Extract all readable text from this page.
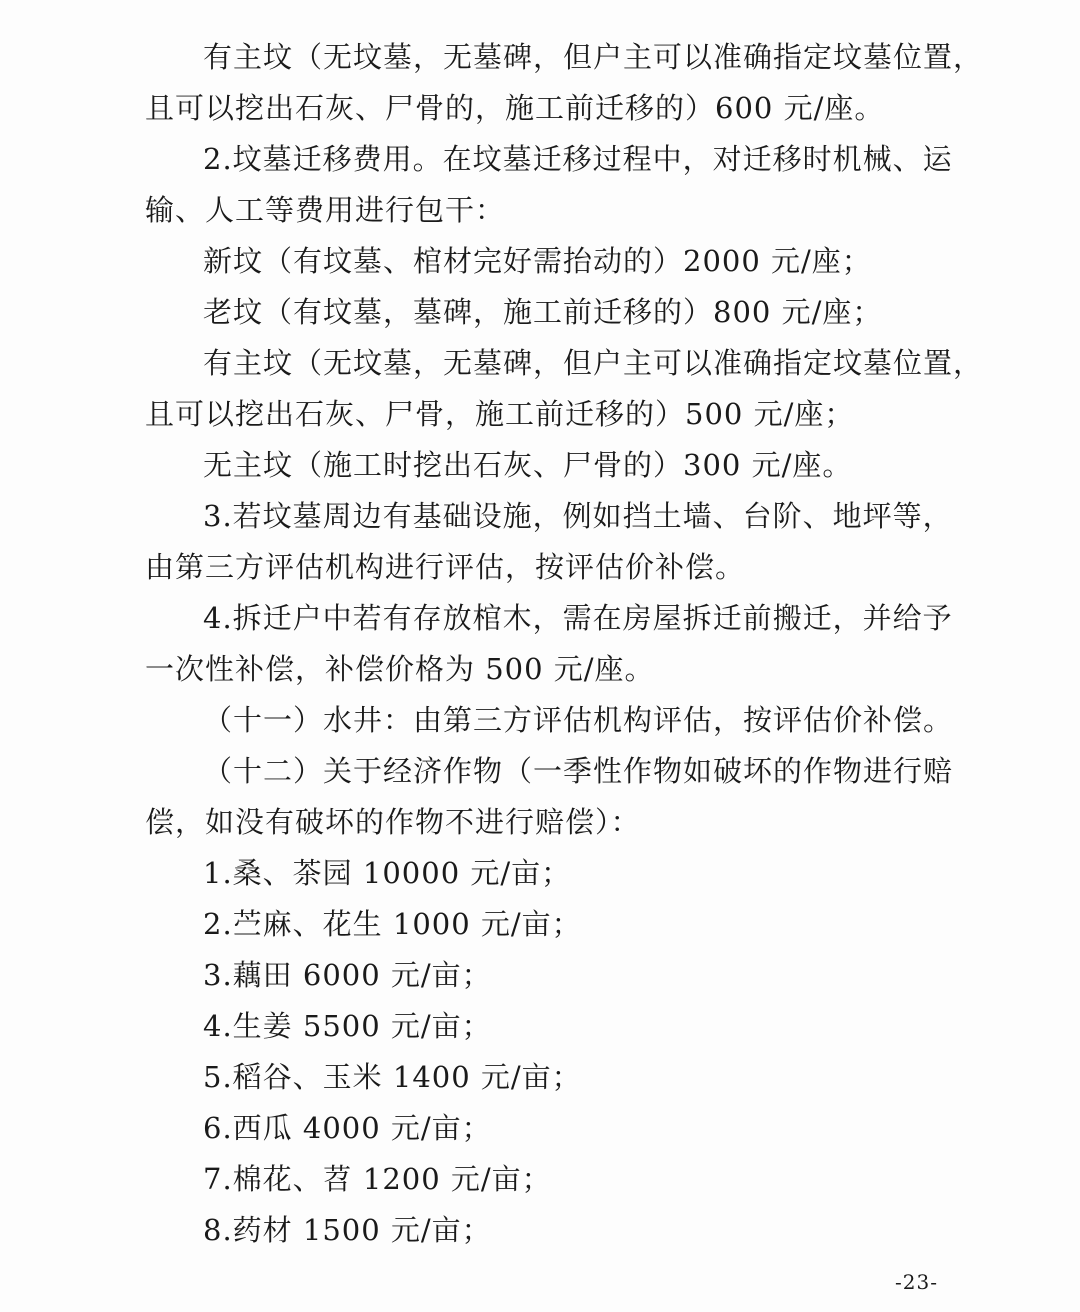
有主坟（无坟墓，无墓碑，但户主可以准确指定坟墓位置，
且可以挖出石灰、尸骨的，施工前迁移的）600 元/座。
2.坟墓迁移费用。在坟墓迁移过程中，对迁移时机械、运
输、人工等费用进行包干：
新坟（有坟墓、棺材完好需抬动的）2000 元/座；
老坟（有坟墓，墓碑，施工前迁移的）800 元/座；
有主坟（无坟墓，无墓碑，但户主可以准确指定坟墓位置，
且可以挖出石灰、尸骨，施工前迁移的）500 元/座；
无主坟（施工时挖出石灰、尸骨的）300 元/座。
3.若坟墓周边有基础设施，例如挡土墙、台阶、地坪等，
由第三方评估机构进行评估，按评估价补偿。
4.拆迁户中若有存放棺木，需在房屋拆迁前搬迁，并给予
一次性补偿，补偿价格为 500 元/座。
（十一）水井：由第三方评估机构评估，按评估价补偿。
（十二）关于经济作物（一季性作物如破坏的作物进行赔
偿，如没有破坏的作物不进行赔偿）：
1.桑、茶园 10000 元/亩；
2.苎麻、花生 1000 元/亩；
3.藕田 6000 元/亩；
4.生姜 5500 元/亩；
5.稻谷、玉米 1400 元/亩；
6.西瓜 4000 元/亩；
7.棉花、苕 1200 元/亩；
8.药材 1500 元/亩；
-23-
